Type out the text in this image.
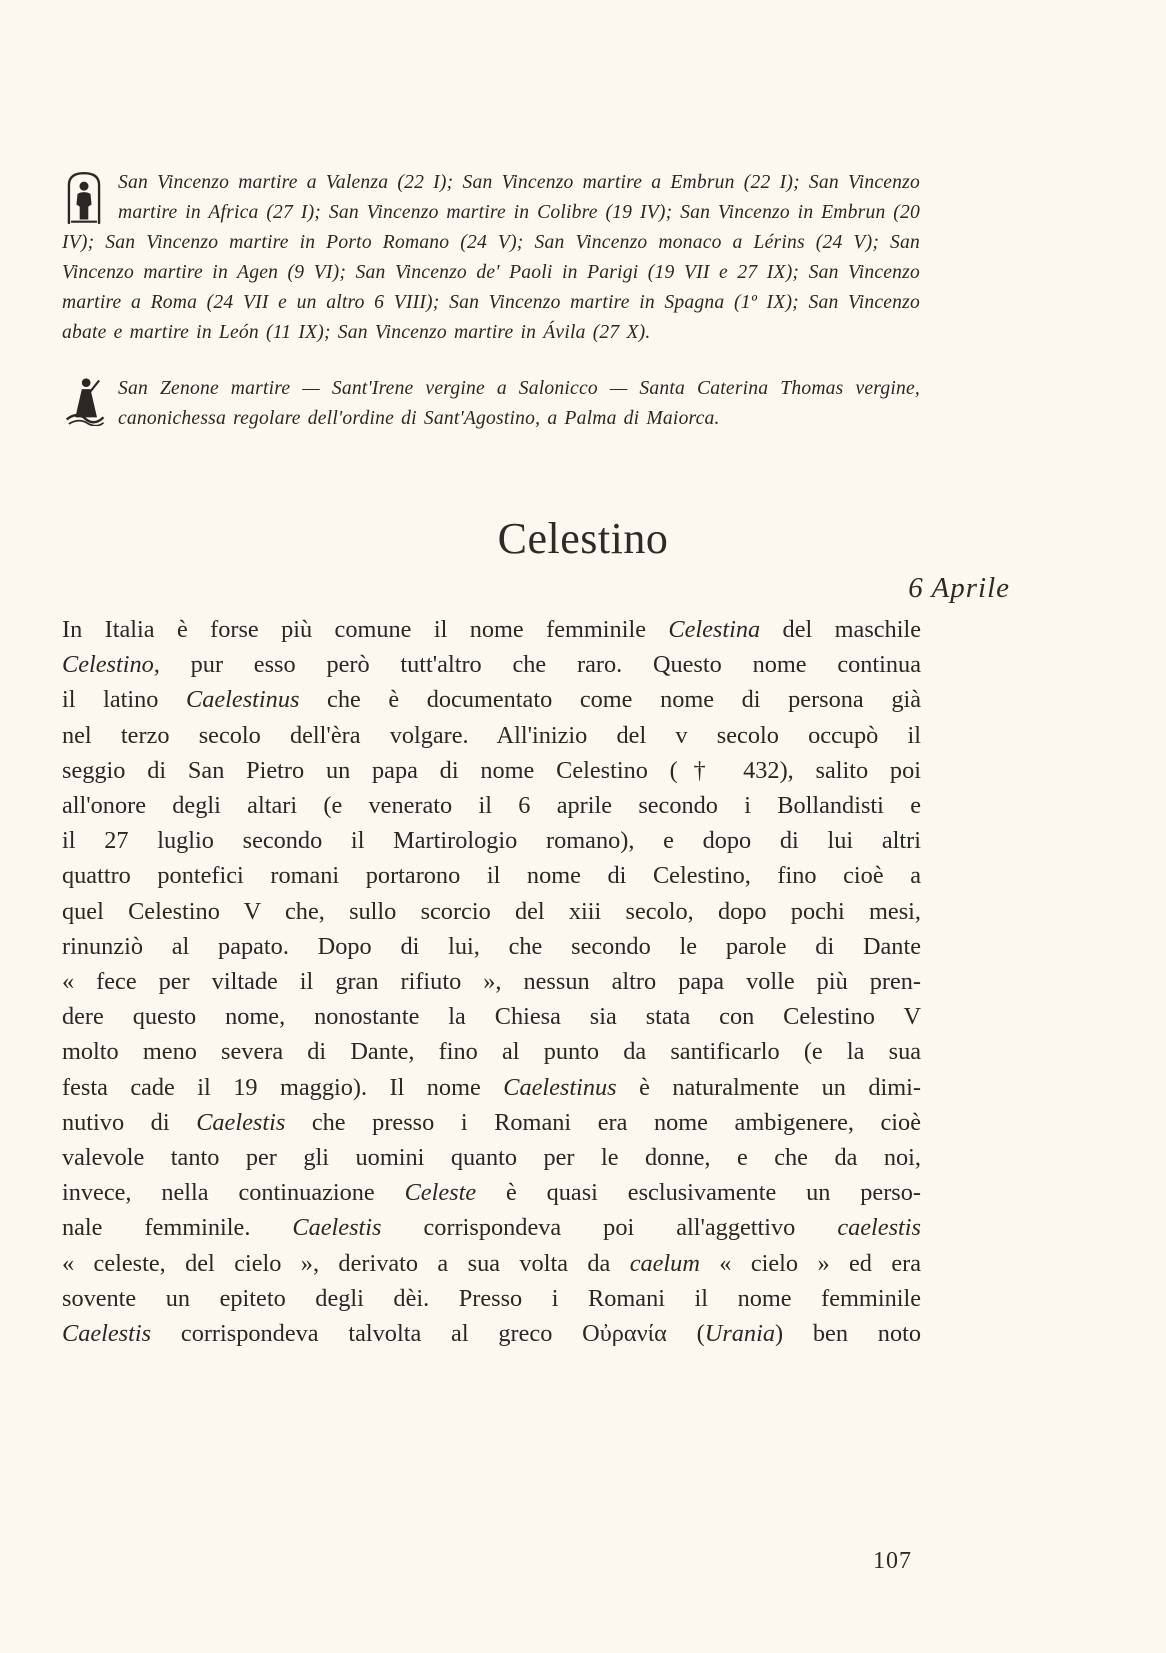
San Vincenzo martire a Valenza (22 I); San Vincenzo martire a Embrun (22 I); San Vincenzo martire in Africa (27 I); San Vincenzo martire in Colibre (19 IV); San Vincenzo in Embrun (20 IV); San Vincenzo martire in Porto Romano (24 V); San Vincenzo monaco a Lérins (24 V); San Vincenzo martire in Agen (9 VI); San Vincenzo de' Paoli in Parigi (19 VII e 27 IX); San Vincenzo martire a Roma (24 VII e un altro 6 VIII); San Vincenzo martire in Spagna (1º IX); San Vincenzo abate e martire in León (11 IX); San Vincenzo martire in Ávila (27 X).

San Zenone martire — Sant'Irene vergine a Salonicco — Santa Caterina Thomas vergine, canonichessa regolare dell'ordine di Sant'Agostino, a Palma di Maiorca.

Celestino
6 Aprile
In Italia è forse più comune il nome femminile Celestina del maschile
Celestino, pur esso però tutt'altro che raro. Questo nome continua
il latino Caelestinus che è documentato come nome di persona già
nel terzo secolo dell'èra volgare. All'inizio del v secolo occupò il
seggio di San Pietro un papa di nome Celestino († 432), salito poi
all'onore degli altari (e venerato il 6 aprile secondo i Bollandisti e
il 27 luglio secondo il Martirologio romano), e dopo di lui altri
quattro pontefici romani portarono il nome di Celestino, fino cioè a
quel Celestino V che, sullo scorcio del xiii secolo, dopo pochi mesi,
rinunziò al papato. Dopo di lui, che secondo le parole di Dante
« fece per viltade il gran rifiuto », nessun altro papa volle più pren-
dere questo nome, nonostante la Chiesa sia stata con Celestino V
molto meno severa di Dante, fino al punto da santificarlo (e la sua
festa cade il 19 maggio). Il nome Caelestinus è naturalmente un dimi-
nutivo di Caelestis che presso i Romani era nome ambigenere, cioè
valevole tanto per gli uomini quanto per le donne, e che da noi,
invece, nella continuazione Celeste è quasi esclusivamente un perso-
nale femminile. Caelestis corrispondeva poi all'aggettivo caelestis
« celeste, del cielo », derivato a sua volta da caelum « cielo » ed era
sovente un epiteto degli dèi. Presso i Romani il nome femminile
Caelestis corrispondeva talvolta al greco Οὐρανία (Urania) ben noto
107
